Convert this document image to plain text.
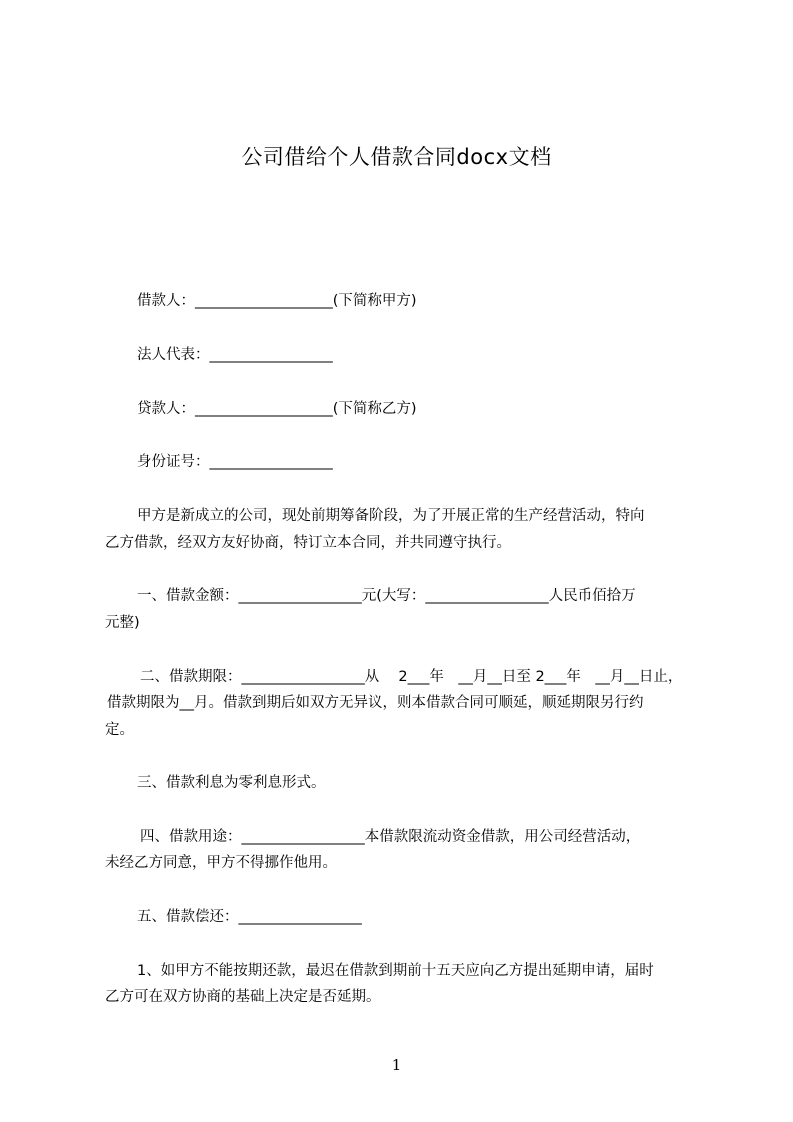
公司借给个人借款合同docx文档
借款人：___________________(下简称甲方)
法人代表：_________________
贷款人：___________________(下简称乙方)
身份证号：_________________
甲方是新成立的公司，现处前期筹备阶段，为了开展正常的生产经营活动，特向
乙方借款，经双方友好协商，特订立本合同，并共同遵守执行。
一、借款金额：_________________元(大写：_________________人民币佰拾万
元整)
二、借款期限：_________________从　 2___年　__月__日至 2___年　__月__日止，
借款期限为__月。借款到期后如双方无异议，则本借款合同可顺延，顺延期限另行约
定。
三、借款利息为零利息形式。
四、借款用途：_________________本借款限流动资金借款，用公司经营活动，
未经乙方同意，甲方不得挪作他用。
五、借款偿还：_________________
1、如甲方不能按期还款，最迟在借款到期前十五天应向乙方提出延期申请，届时
乙方可在双方协商的基础上决定是否延期。
1
